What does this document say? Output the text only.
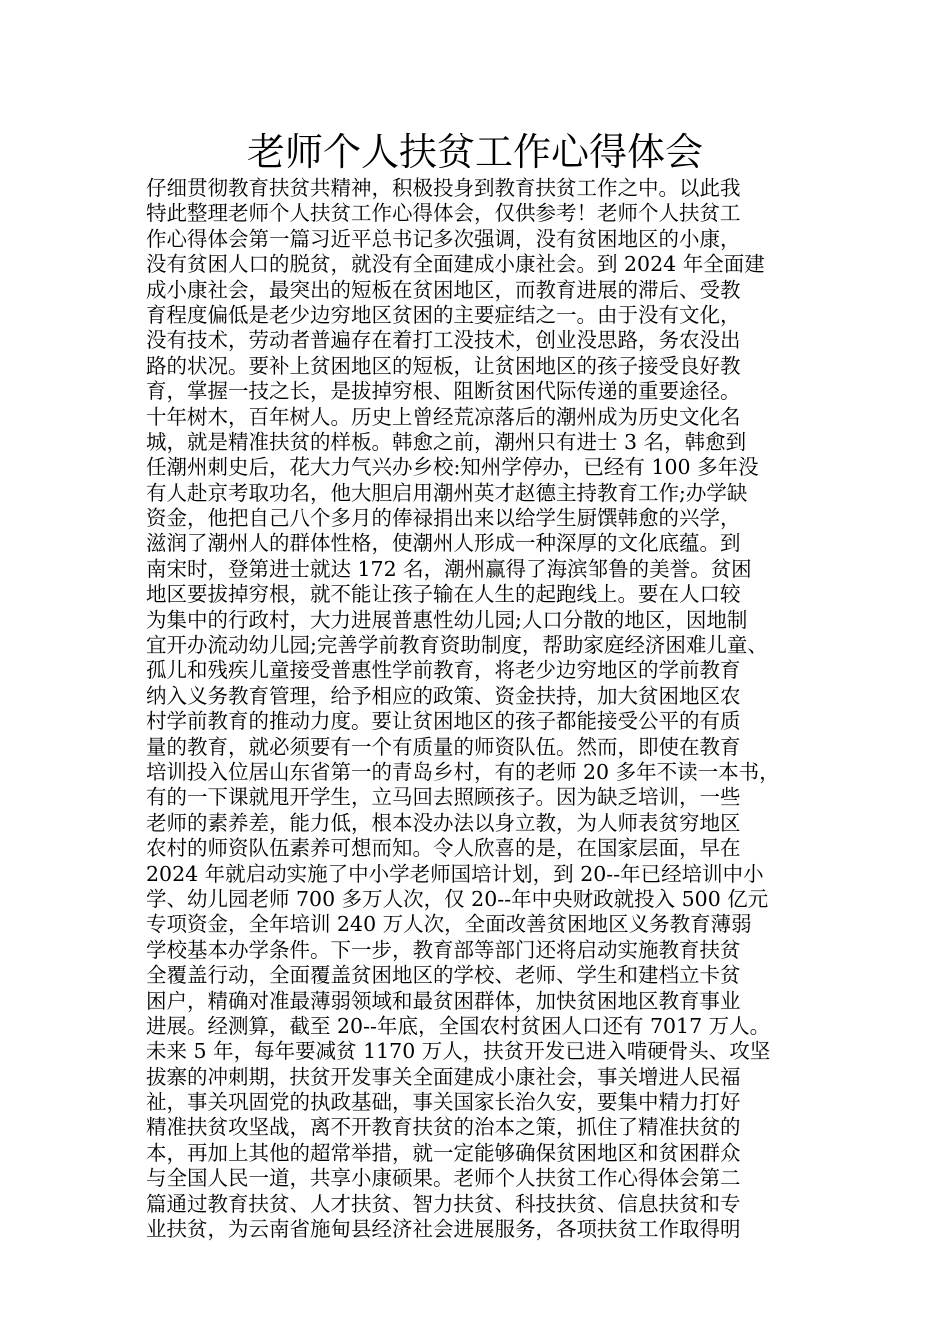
老师个人扶贫工作心得体会
仔细贯彻教育扶贫共精神，积极投身到教育扶贫工作之中。以此我
特此整理老师个人扶贫工作心得体会，仅供参考！老师个人扶贫工
作心得体会第一篇习近平总书记多次强调，没有贫困地区的小康，
没有贫困人口的脱贫，就没有全面建成小康社会。到 2024 年全面建
成小康社会，最突出的短板在贫困地区，而教育进展的滞后、受教
育程度偏低是老少边穷地区贫困的主要症结之一。由于没有文化，
没有技术，劳动者普遍存在着打工没技术，创业没思路，务农没出
路的状况。要补上贫困地区的短板，让贫困地区的孩子接受良好教
育，掌握一技之长，是拔掉穷根、阻断贫困代际传递的重要途径。
十年树木，百年树人。历史上曾经荒凉落后的潮州成为历史文化名
城，就是精准扶贫的样板。韩愈之前，潮州只有进士 3 名，韩愈到
任潮州刺史后，花大力气兴办乡校:知州学停办，已经有 100 多年没
有人赴京考取功名，他大胆启用潮州英才赵德主持教育工作;办学缺
资金，他把自己八个多月的俸禄捐出来以给学生厨馔韩愈的兴学，
滋润了潮州人的群体性格，使潮州人形成一种深厚的文化底蕴。到
南宋时，登第进士就达 172 名，潮州赢得了海滨邹鲁的美誉。贫困
地区要拔掉穷根，就不能让孩子输在人生的起跑线上。要在人口较
为集中的行政村，大力进展普惠性幼儿园;人口分散的地区，因地制
宜开办流动幼儿园;完善学前教育资助制度，帮助家庭经济困难儿童、
孤儿和残疾儿童接受普惠性学前教育，将老少边穷地区的学前教育
纳入义务教育管理，给予相应的政策、资金扶持，加大贫困地区农
村学前教育的推动力度。要让贫困地区的孩子都能接受公平的有质
量的教育，就必须要有一个有质量的师资队伍。然而，即使在教育
培训投入位居山东省第一的青岛乡村，有的老师 20 多年不读一本书，
有的一下课就甩开学生，立马回去照顾孩子。因为缺乏培训，一些
老师的素养差，能力低，根本没办法以身立教，为人师表贫穷地区
农村的师资队伍素养可想而知。令人欣喜的是，在国家层面，早在
2024 年就启动实施了中小学老师国培计划，到 20--年已经培训中小
学、幼儿园老师 700 多万人次，仅 20--年中央财政就投入 500 亿元
专项资金，全年培训 240 万人次，全面改善贫困地区义务教育薄弱
学校基本办学条件。下一步，教育部等部门还将启动实施教育扶贫
全覆盖行动，全面覆盖贫困地区的学校、老师、学生和建档立卡贫
困户，精确对准最薄弱领域和最贫困群体，加快贫困地区教育事业
进展。经测算，截至 20--年底，全国农村贫困人口还有 7017 万人。
未来 5 年，每年要减贫 1170 万人，扶贫开发已进入啃硬骨头、攻坚
拔寨的冲刺期，扶贫开发事关全面建成小康社会，事关增进人民福
祉，事关巩固党的执政基础，事关国家长治久安，要集中精力打好
精准扶贫攻坚战，离不开教育扶贫的治本之策，抓住了精准扶贫的
本，再加上其他的超常举措，就一定能够确保贫困地区和贫困群众
与全国人民一道，共享小康硕果。老师个人扶贫工作心得体会第二
篇通过教育扶贫、人才扶贫、智力扶贫、科技扶贫、信息扶贫和专
业扶贫，为云南省施甸县经济社会进展服务，各项扶贫工作取得明
